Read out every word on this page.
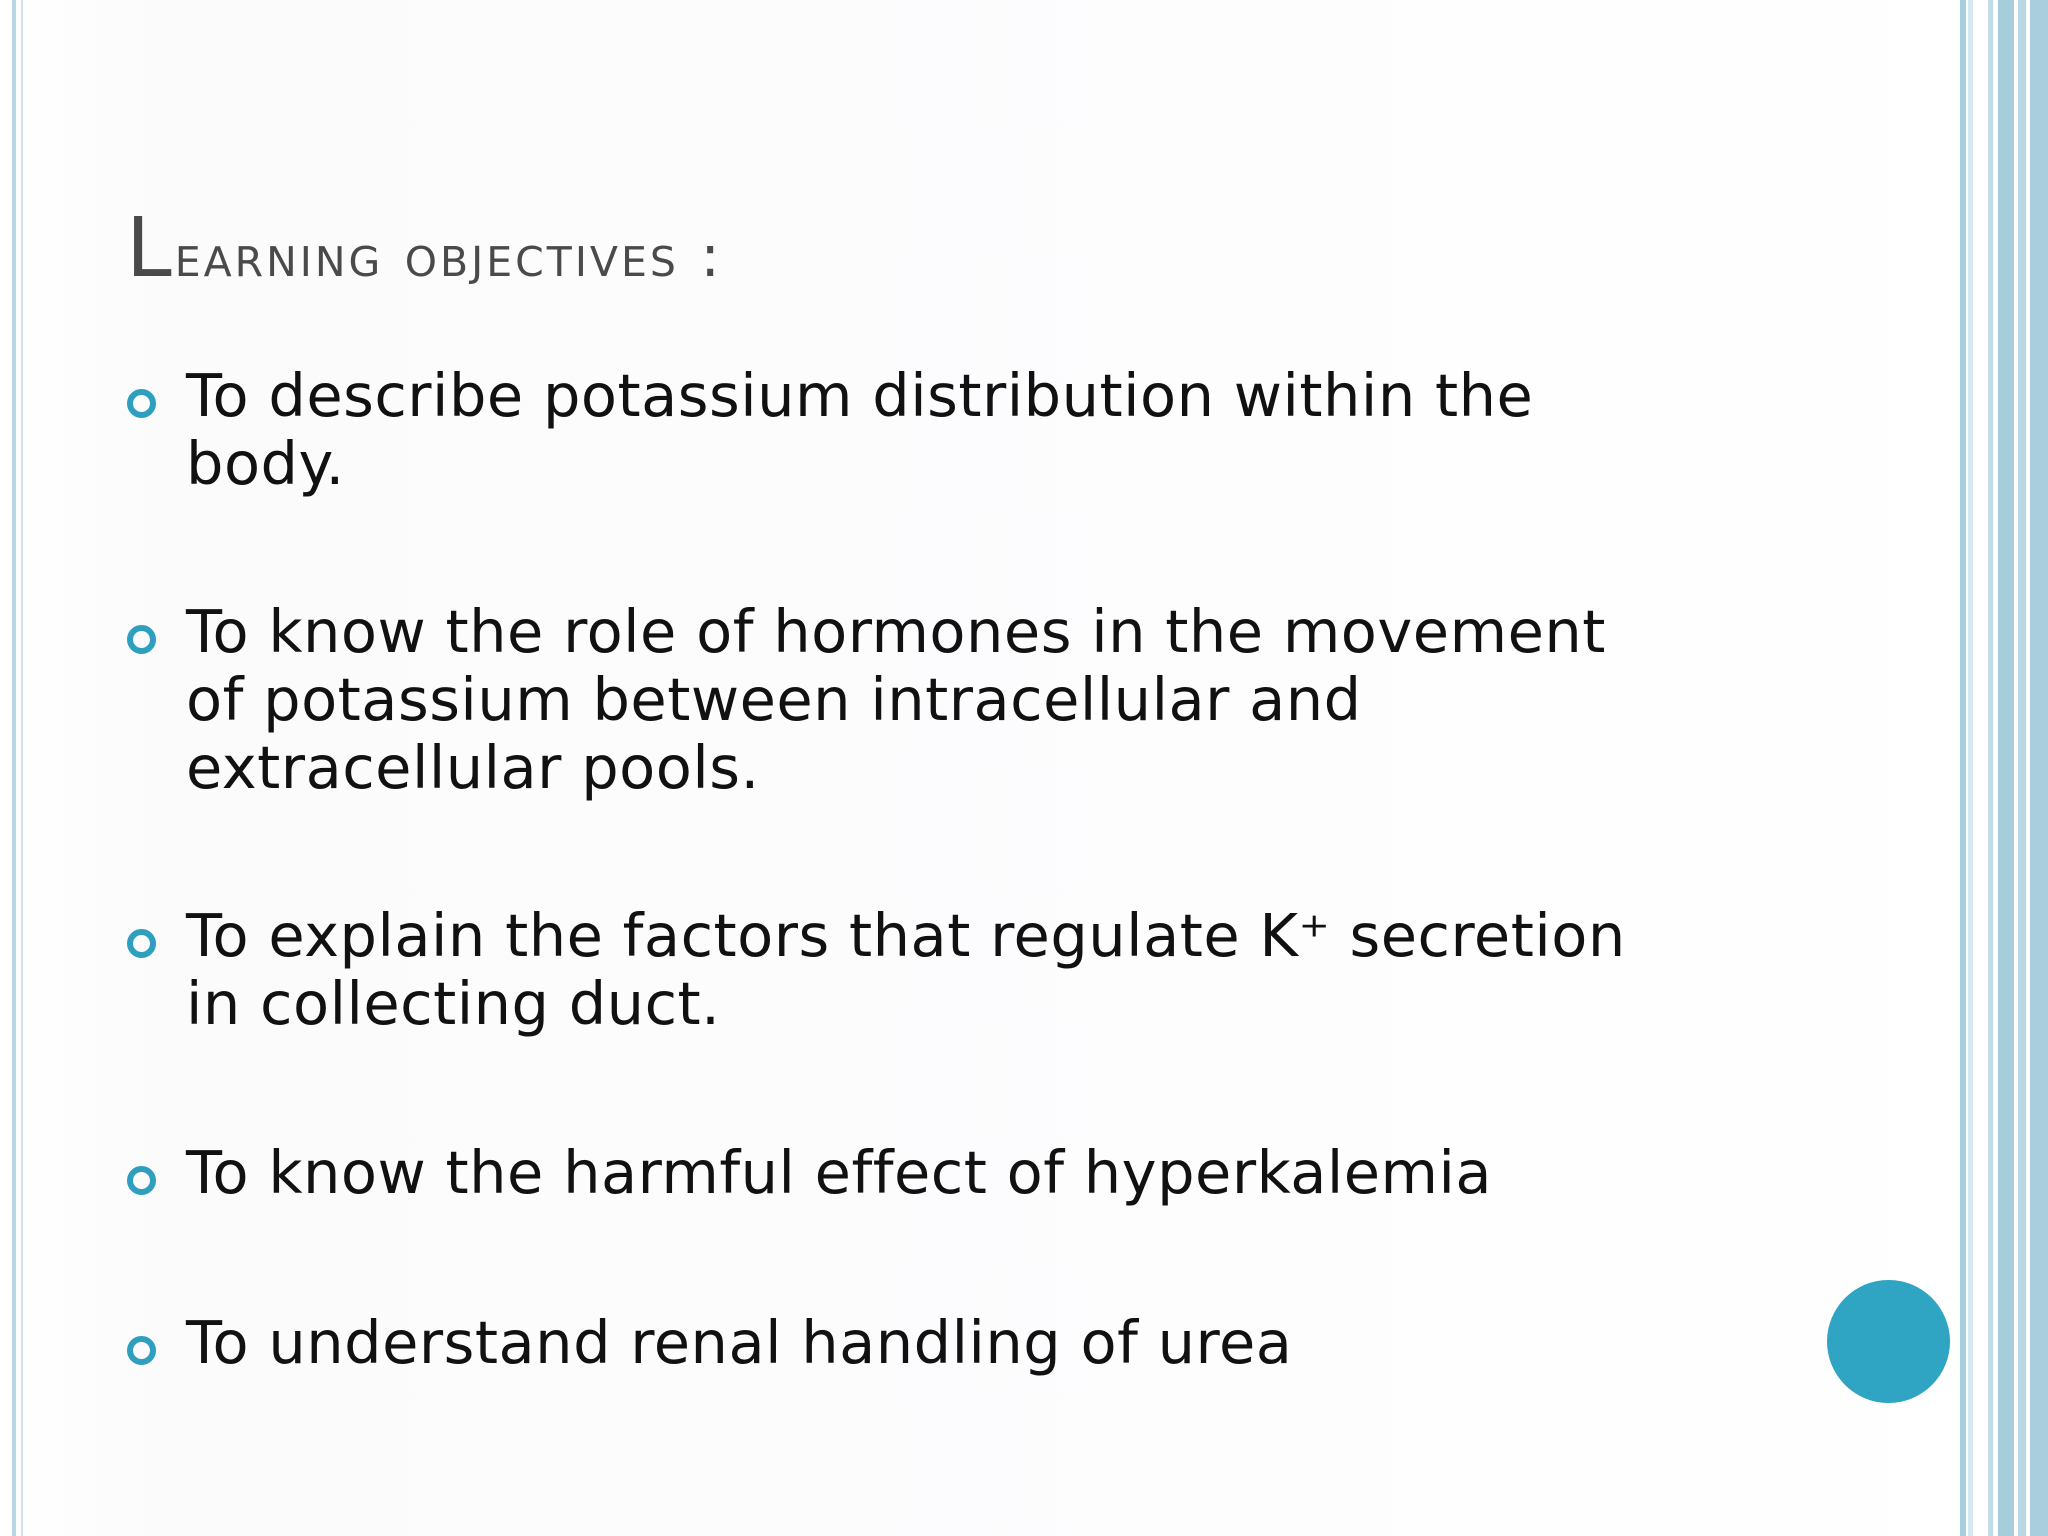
Learning objectives :
To describe potassium distribution within the
body.
To know the role of hormones in the movement
of potassium between intracellular and
extracellular pools.
To explain the factors that regulate K⁺ secretion
in collecting duct.
To know the harmful effect of hyperkalemia
To understand renal handling of urea
